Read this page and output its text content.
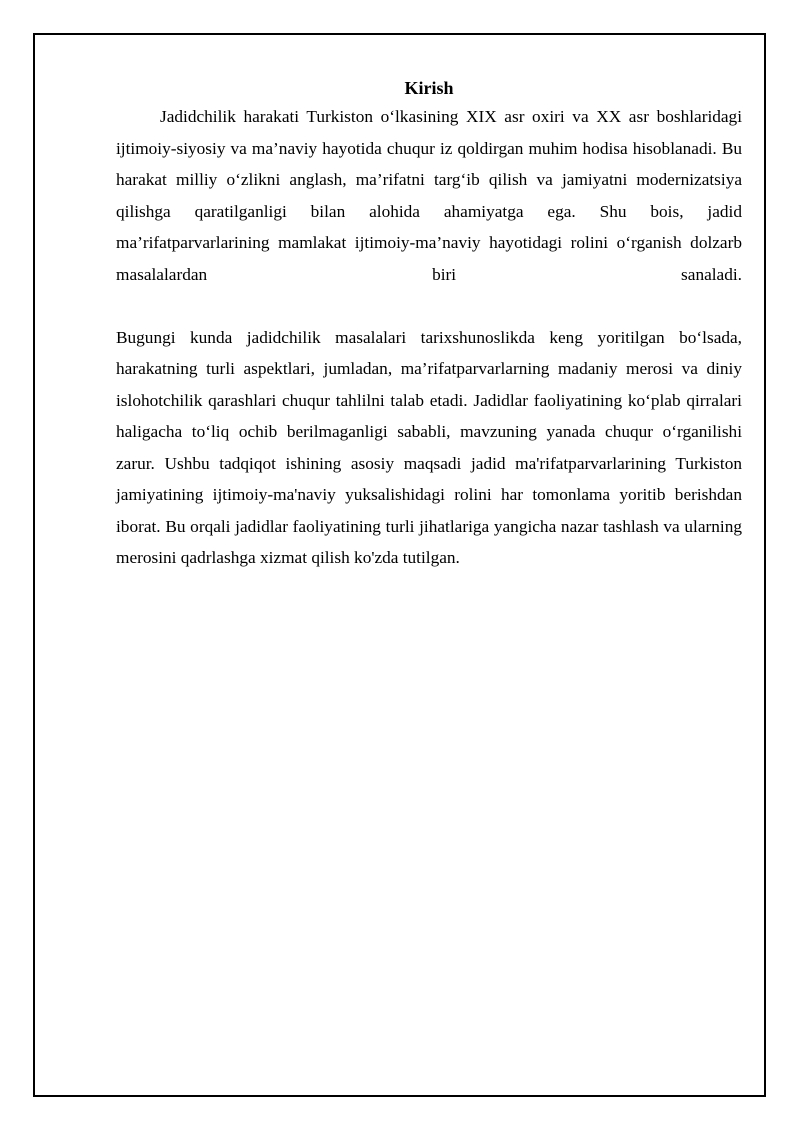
Kirish

Jadidchilik harakati Turkiston o‘lkasining XIX asr oxiri va XX asr boshlaridagi ijtimoiy-siyosiy va ma’naviy hayotida chuqur iz qoldirgan muhim hodisa hisoblanadi. Bu harakat milliy o‘zlikni anglash, ma’rifatni targ‘ib qilish va jamiyatni modernizatsiya qilishga qaratilganligi bilan alohida ahamiyatga ega. Shu bois, jadid ma’rifatparvarlarining mamlakat ijtimoiy-ma’naviy hayotidagi rolini o‘rganish dolzarb masalalardan biri sanaladi.

Bugungi kunda jadidchilik masalalari tarixshunoslikda keng yoritilgan bo‘lsada, harakatning turli aspektlari, jumladan, ma’rifatparvarlarning madaniy merosi va diniy islohotchilik qarashlari chuqur tahlilni talab etadi. Jadidlar faoliyatining ko‘plab qirralari haligacha to‘liq ochib berilmaganligi sababli, mavzuning yanada chuqur o‘rganilishi zarur. Ushbu tadqiqot ishining asosiy maqsadi jadid ma'rifatparvarlarining Turkiston jamiyatining ijtimoiy-ma'naviy yuksalishidagi rolini har tomonlama yoritib berishdan iborat. Bu orqali jadidlar faoliyatining turli jihatlariga yangicha nazar tashlash va ularning merosini qadrlashga xizmat qilish ko'zda tutilgan.
